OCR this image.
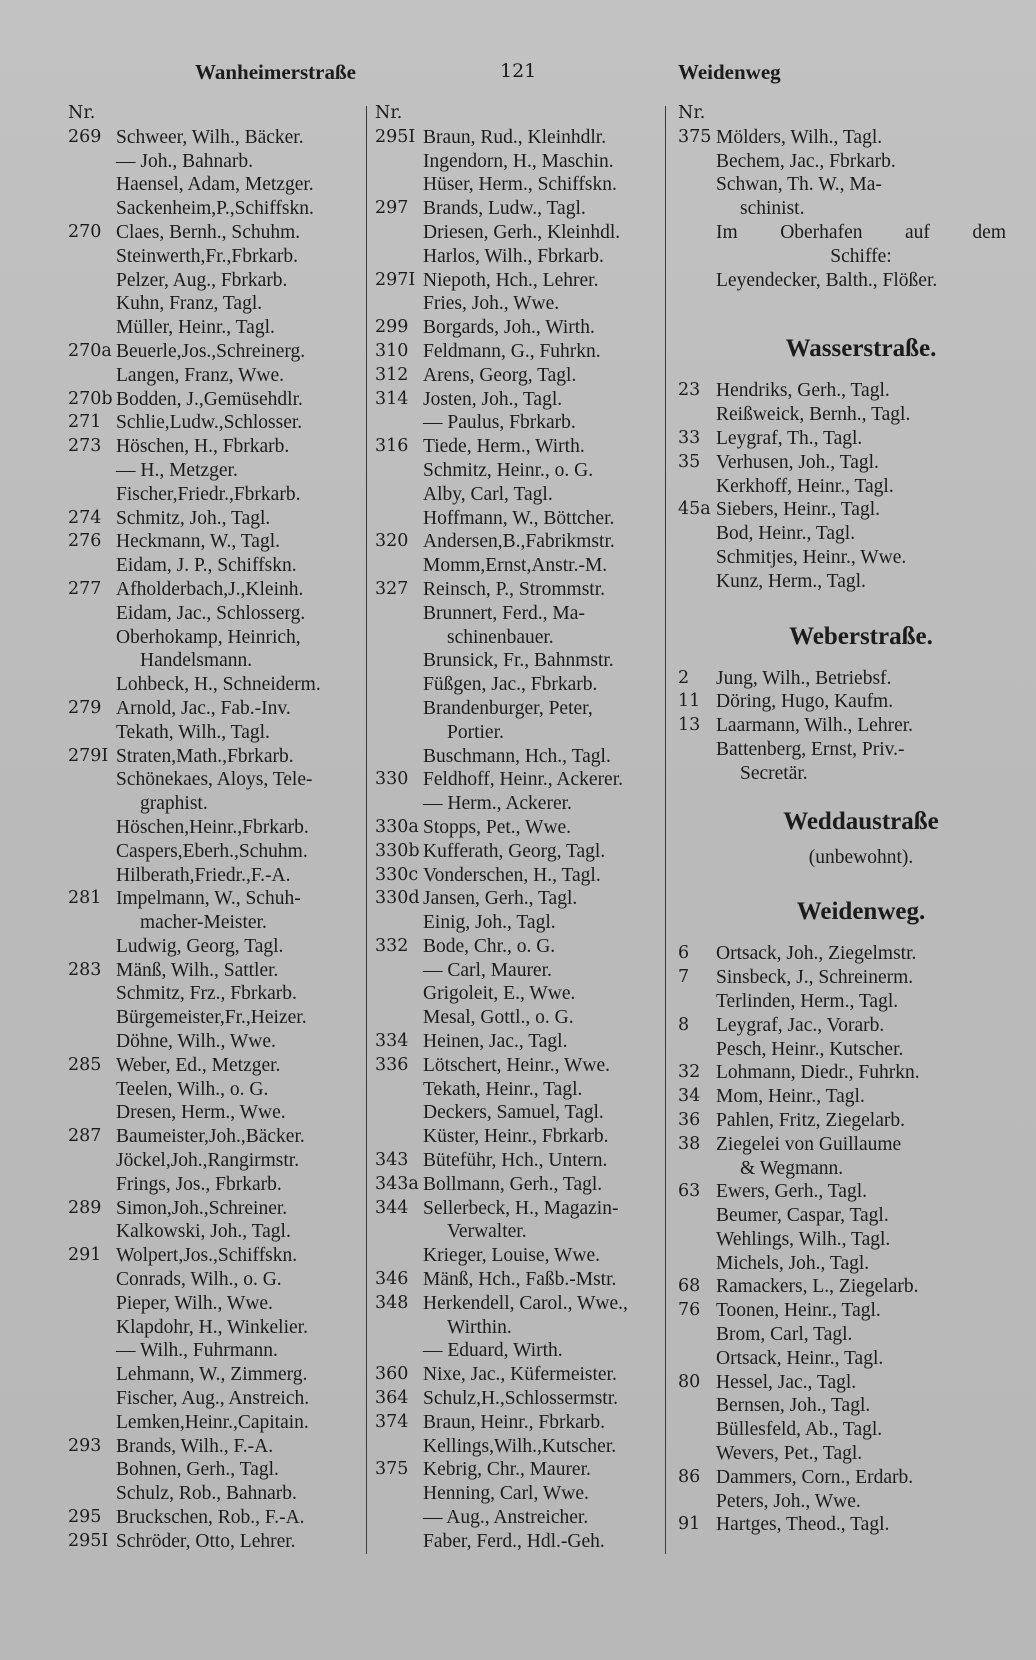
Wanheimerstraße	121	Weidenweg
Nr.
269 Schweer, Wilh., Bäcker.
— Joh., Bahnarb.
Haensel, Adam, Metzger.
Sackenheim,P.,Schiffskn.
270 Claes, Bernh., Schuhm.
Steinwerth,Fr.,Fbrkarb.
Pelzer, Aug., Fbrkarb.
Kuhn, Franz, Tagl.
Müller, Heinr., Tagl.
270a Beuerle,Jos.,Schreinerg.
Langen, Franz, Wwe.
270b Bodden, J.,Gemüsehdlr.
271 Schlie,Ludw.,Schlosser.
273 Höschen, H., Fbrkarb.
— H., Metzger.
Fischer,Friedr.,Fbrkarb.
274 Schmitz, Joh., Tagl.
276 Heckmann, W., Tagl.
Eidam, J. P., Schiffskn.
277 Afholderbach,J.,Kleinh.
Eidam, Jac., Schlosserg.
Oberhokamp, Heinrich,
Handelsmann.
Lohbeck, H., Schneiderm.
279 Arnold, Jac., Fab.-Inv.
Tekath, Wilh., Tagl.
279I Straten,Math.,Fbrkarb.
Schönekaes, Aloys, Tele-
graphist.
Höschen,Heinr.,Fbrkarb.
Caspers,Eberh.,Schuhm.
Hilberath,Friedr.,F.-A.
281 Impelmann, W., Schuh-
macher-Meister.
Ludwig, Georg, Tagl.
283 Mänß, Wilh., Sattler.
Schmitz, Frz., Fbrkarb.
Bürgemeister,Fr.,Heizer.
Döhne, Wilh., Wwe.
285 Weber, Ed., Metzger.
Teelen, Wilh., o. G.
Dresen, Herm., Wwe.
287 Baumeister,Joh.,Bäcker.
Jöckel,Joh.,Rangirmstr.
Frings, Jos., Fbrkarb.
289 Simon,Joh.,Schreiner.
Kalkowski, Joh., Tagl.
291 Wolpert,Jos.,Schiffskn.
Conrads, Wilh., o. G.
Pieper, Wilh., Wwe.
Klapdohr, H., Winkelier.
— Wilh., Fuhrmann.
Lehmann, W., Zimmerg.
Fischer, Aug., Anstreich.
Lemken,Heinr.,Capitain.
293 Brands, Wilh., F.-A.
Bohnen, Gerh., Tagl.
Schulz, Rob., Bahnarb.
295 Bruckschen, Rob., F.-A.
295I Schröder, Otto, Lehrer.
Nr.
295I Braun, Rud., Kleinhdlr.
Ingendorn, H., Maschin.
Hüser, Herm., Schiffskn.
297 Brands, Ludw., Tagl.
Driesen, Gerh., Kleinhdl.
Harlos, Wilh., Fbrkarb.
297I Niepoth, Hch., Lehrer.
Fries, Joh., Wwe.
299 Borgards, Joh., Wirth.
310 Feldmann, G., Fuhrkn.
312 Arens, Georg, Tagl.
314 Josten, Joh., Tagl.
— Paulus, Fbrkarb.
316 Tiede, Herm., Wirth.
Schmitz, Heinr., o. G.
Alby, Carl, Tagl.
Hoffmann, W., Böttcher.
320 Andersen,B.,Fabrikmstr.
Momm,Ernst,Anstr.-M.
327 Reinsch, P., Strommstr.
Brunnert, Ferd., Ma-
schinenbauer.
Brunsick, Fr., Bahnmstr.
Füßgen, Jac., Fbrkarb.
Brandenburger, Peter,
Portier.
Buschmann, Hch., Tagl.
330 Feldhoff, Heinr., Ackerer.
— Herm., Ackerer.
330a Stopps, Pet., Wwe.
330b Kufferath, Georg, Tagl.
330c Vonderschen, H., Tagl.
330d Jansen, Gerh., Tagl.
Einig, Joh., Tagl.
332 Bode, Chr., o. G.
— Carl, Maurer.
Grigoleit, E., Wwe.
Mesal, Gottl., o. G.
334 Heinen, Jac., Tagl.
336 Lötschert, Heinr., Wwe.
Tekath, Heinr., Tagl.
Deckers, Samuel, Tagl.
Küster, Heinr., Fbrkarb.
343 Büteführ, Hch., Untern.
343a Bollmann, Gerh., Tagl.
344 Sellerbeck, H., Magazin-
Verwalter.
Krieger, Louise, Wwe.
346 Mänß, Hch., Faßb.-Mstr.
348 Herkendell, Carol., Wwe.,
Wirthin.
— Eduard, Wirth.
360 Nixe, Jac., Küfermeister.
364 Schulz,H.,Schlossermstr.
374 Braun, Heinr., Fbrkarb.
Kellings,Wilh.,Kutscher.
375 Kebrig, Chr., Maurer.
Henning, Carl, Wwe.
— Aug., Anstreicher.
Faber, Ferd., Hdl.-Geh.
Nr.
375 Mölders, Wilh., Tagl.
Bechem, Jac., Fbrkarb.
Schwan, Th. W., Ma-
schinist.
Im Oberhafen auf dem
Schiffe:
Leyendecker, Balth., Flößer.
Wasserstraße.
23 Hendriks, Gerh., Tagl.
Reißweick, Bernh., Tagl.
33 Leygraf, Th., Tagl.
35 Verhusen, Joh., Tagl.
Kerkhoff, Heinr., Tagl.
45a Siebers, Heinr., Tagl.
Bod, Heinr., Tagl.
Schmitjes, Heinr., Wwe.
Kunz, Herm., Tagl.
Weberstraße.
2	Jung, Wilh., Betriebsf.
11 Döring, Hugo, Kaufm.
13 Laarmann, Wilh., Lehrer.
Battenberg, Ernst, Priv.-
Secretär.
Weddaustraße
(unbewohnt).
Weidenweg.
6	Ortsack, Joh., Ziegelmstr.
7	Sinsbeck, J., Schreinerm.
Terlinden, Herm., Tagl.
8	Leygraf, Jac., Vorarb.
Pesch, Heinr., Kutscher.
32 Lohmann, Diedr., Fuhrkn.
34 Mom, Heinr., Tagl.
36 Pahlen, Fritz, Ziegelarb.
38 Ziegelei von Guillaume
& Wegmann.
63 Ewers, Gerh., Tagl.
Beumer, Caspar, Tagl.
Wehlings, Wilh., Tagl.
Michels, Joh., Tagl.
68 Ramackers, L., Ziegelarb.
76 Toonen, Heinr., Tagl.
Brom, Carl, Tagl.
Ortsack, Heinr., Tagl.
80 Hessel, Jac., Tagl.
Bernsen, Joh., Tagl.
Büllesfeld, Ab., Tagl.
Wevers, Pet., Tagl.
86 Dammers, Corn., Erdarb.
Peters, Joh., Wwe.
91 Hartges, Theod., Tagl.
